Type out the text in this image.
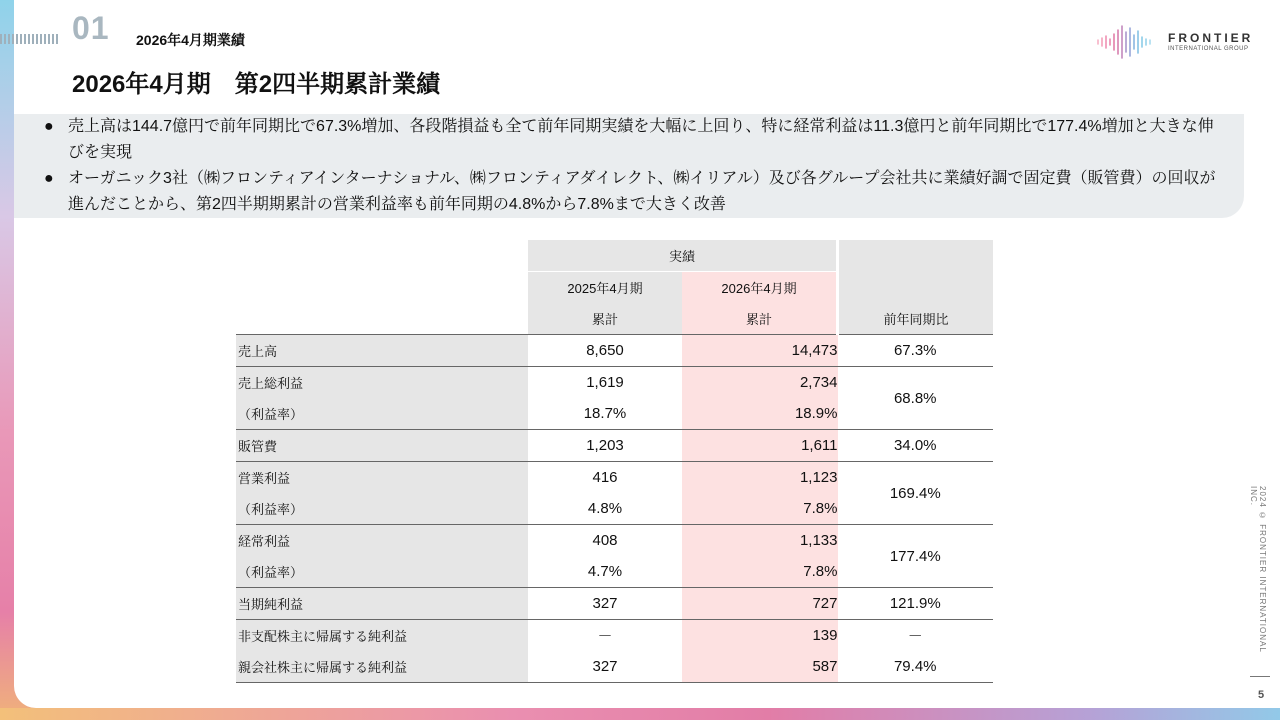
01 2026年4月期業績
2026年4月期　第2四半期累計業績
FRONTIER
INTERNATIONAL GROUP
● 売上高は144.7億円で前年同期比で67.3%増加、各段階損益も全て前年同期実績を大幅に上回り、特に経常利益は11.3億円と前年同期比で177.4%増加と大きな伸びを実現
● オーガニック3社（㈱フロンティアインターナショナル、㈱フロンティアダイレクト、㈱イリアル）及び各グループ会社共に業績好調で固定費（販管費）の回収が進んだことから、第2四半期期累計の営業利益率も前年同期の4.8%から7.8%まで大きく改善
	実績		前年同期比
	2025年4月期	2026年4月期	
	累計	累計	
売上高	8,650	14,473	67.3%
売上総利益	1,619	2,734	68.8%
（利益率）	18.7%	18.9%	
販管費	1,203	1,611	34.0%
営業利益	416	1,123	169.4%
（利益率）	4.8%	7.8%	
経常利益	408	1,133	177.4%
（利益率）	4.7%	7.8%	
当期純利益	327	727	121.9%
非支配株主に帰属する純利益	－	139	－
親会社株主に帰属する純利益	327	587	79.4%
2024 © FRONTIER INTERNATIONAL INC.
5
